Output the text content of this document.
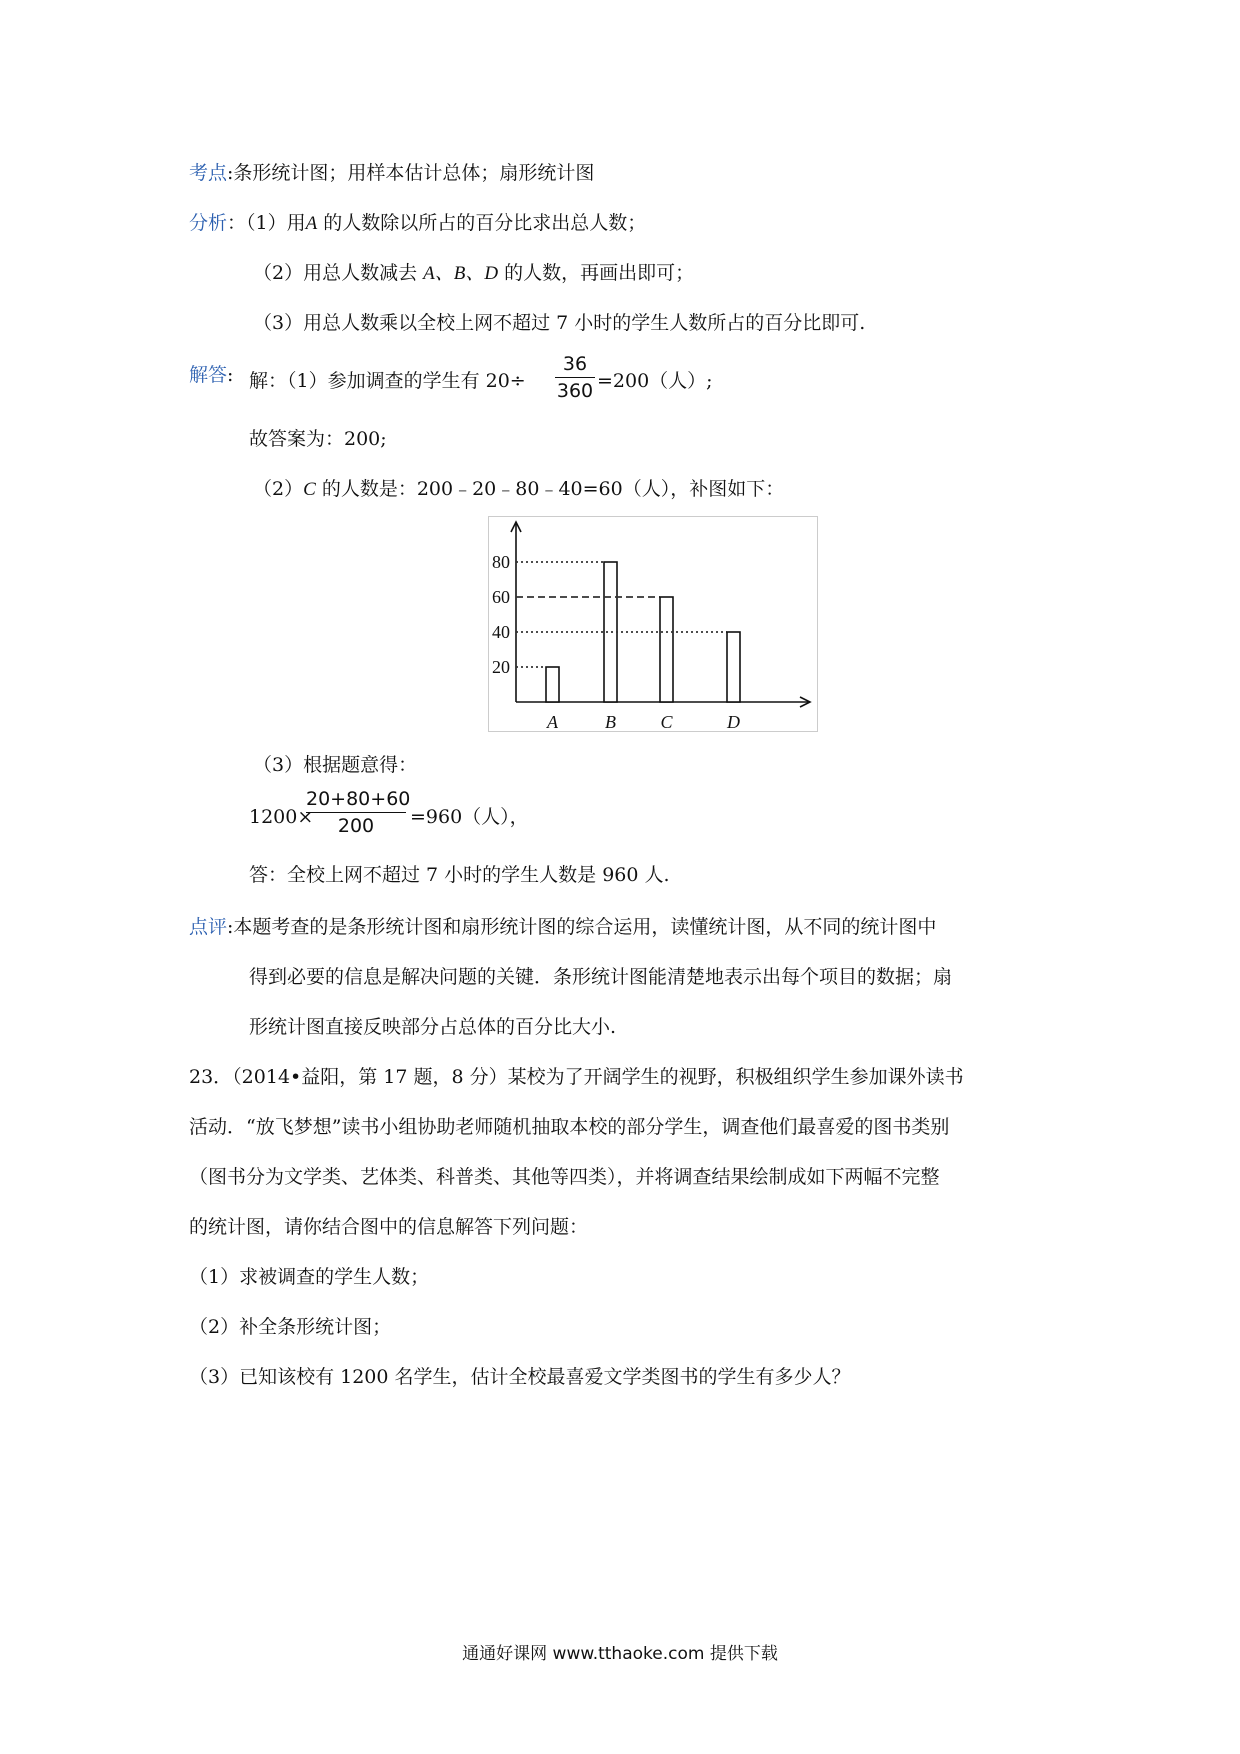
考点:条形统计图；用样本估计总体；扇形统计图
分析：（1）用A 的人数除以所占的百分比求出总人数；
（2）用总人数减去 A、B、D 的人数，再画出即可；
（3）用总人数乘以全校上网不超过 7 小时的学生人数所占的百分比即可.
解答: 解：（1）参加调查的学生有 20÷
36
360 =200（人）;
故答案为：200;
（2）C 的人数是：200﹣20﹣80﹣40=60（人），补图如下：
20
40
60
80
A	B C	D
（3）根据题意得：
1200×
20+80+60
200	=960（人），
答：全校上网不超过 7 小时的学生人数是 960 人.
点评:本题考查的是条形统计图和扇形统计图的综合运用，读懂统计图，从不同的统计图中
得到必要的信息是解决问题的关键．条形统计图能清楚地表示出每个项目的数据；扇
形统计图直接反映部分占总体的百分比大小.
23．（2014•益阳，第 17 题，8 分）某校为了开阔学生的视野，积极组织学生参加课外读书
活动．“放飞梦想”读书小组协助老师随机抽取本校的部分学生，调查他们最喜爱的图书类别
（图书分为文学类、艺体类、科普类、其他等四类），并将调查结果绘制成如下两幅不完整
的统计图，请你结合图中的信息解答下列问题：
（1）求被调查的学生人数；
（2）补全条形统计图；
（3）已知该校有 1200 名学生，估计全校最喜爱文学类图书的学生有多少人？
通通好课网 www.tthaoke.com 提供下载
